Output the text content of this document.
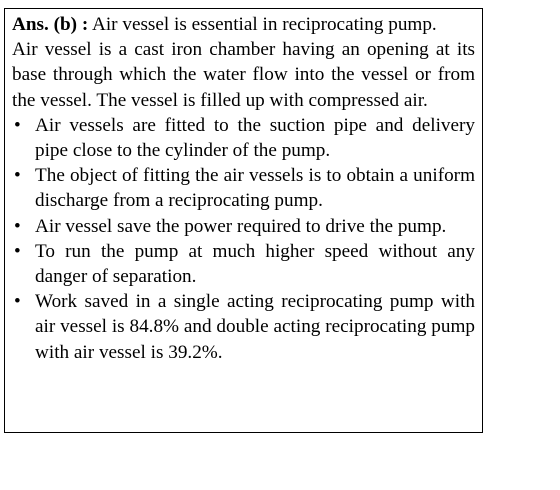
Ans. (b) : Air vessel is essential in reciprocating pump.

Air vessel is a cast iron chamber having an opening at its base through which the water flow into the vessel or from the vessel. The vessel is filled up with compressed air.

• Air vessels are fitted to the suction pipe and delivery pipe close to the cylinder of the pump.
• The object of fitting the air vessels is to obtain a uniform discharge from a reciprocating pump.
• Air vessel save the power required to drive the pump.
• To run the pump at much higher speed without any danger of separation.
• Work saved in a single acting reciprocating pump with air vessel is 84.8% and double acting reciprocating pump with air vessel is 39.2%.
